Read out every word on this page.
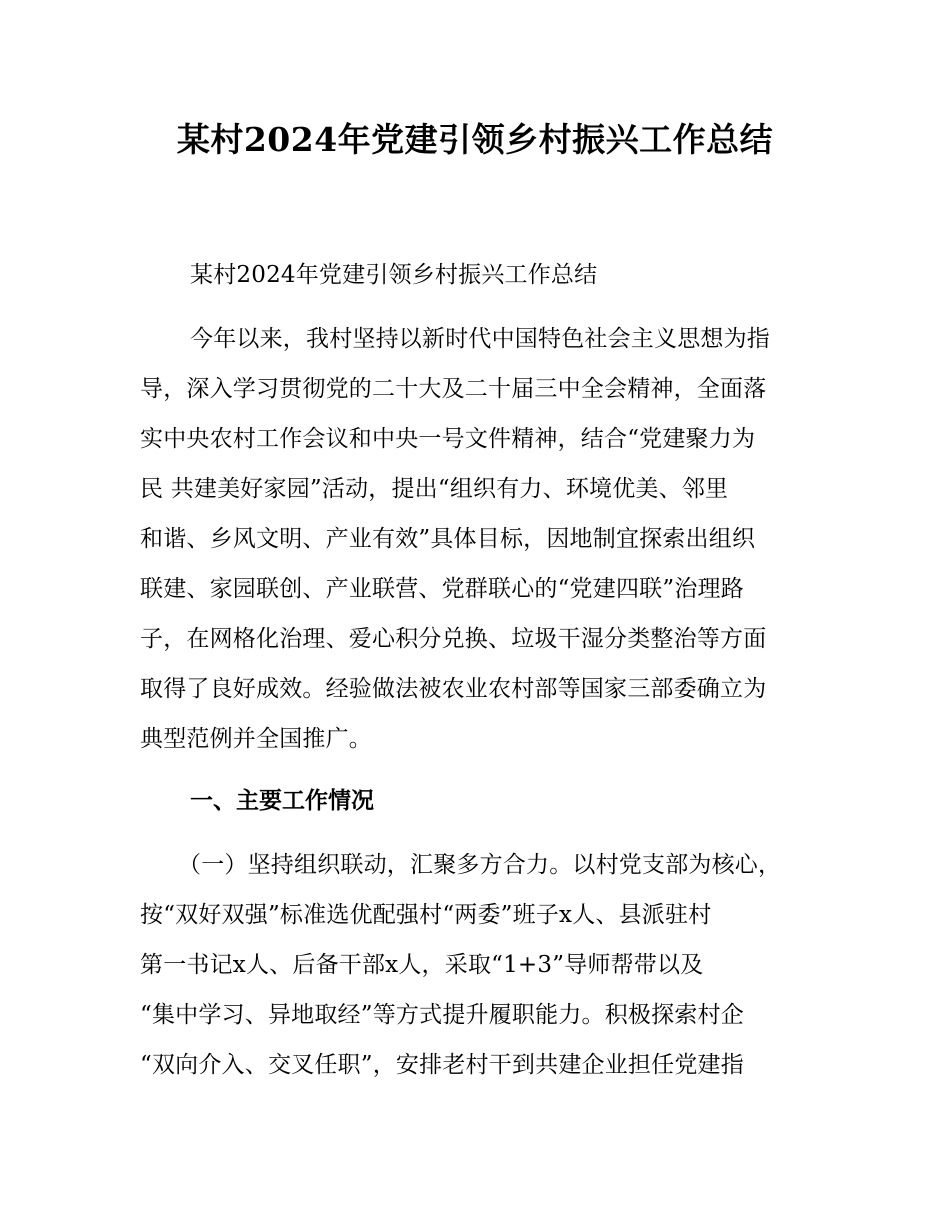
某村2024年党建引领乡村振兴工作总结
某村2024年党建引领乡村振兴工作总结
今年以来，我村坚持以新时代中国特色社会主义思想为指
导，深入学习贯彻党的二十大及二十届三中全会精神，全面落
实中央农村工作会议和中央一号文件精神，结合“党建聚力为
民 共建美好家园”活动，提出“组织有力、环境优美、邻里
和谐、乡风文明、产业有效”具体目标，因地制宜探索出组织
联建、家园联创、产业联营、党群联心的“党建四联”治理路
子，在网格化治理、爱心积分兑换、垃圾干湿分类整治等方面
取得了良好成效。经验做法被农业农村部等国家三部委确立为
典型范例并全国推广。
一、主要工作情况
（一）坚持组织联动，汇聚多方合力。以村党支部为核心，
按“双好双强”标准选优配强村“两委”班子x人、县派驻村
第一书记x人、后备干部x人，采取“1+3”导师帮带以及
“集中学习、异地取经”等方式提升履职能力。积极探索村企
“双向介入、交叉任职”，安排老村干到共建企业担任党建指
